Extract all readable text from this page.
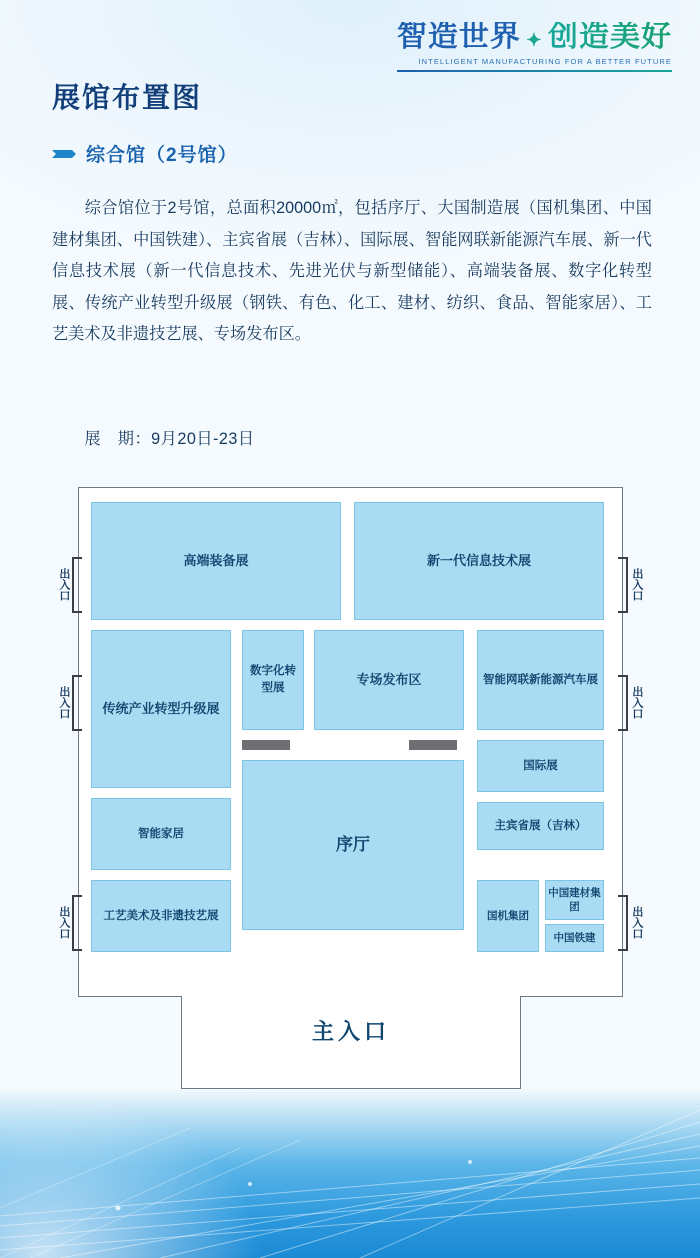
智造世界 ✦ 创造美好
INTELLIGENT MANUFACTURING FOR A BETTER FUTURE
展馆布置图
综合馆（2号馆）
综合馆位于2号馆，总面积20000㎡，包括序厅、大国制造展（国机集团、中国建材集团、中国铁建）、主宾省展（吉林）、国际展、智能网联新能源汽车展、新一代信息技术展（新一代信息技术、先进光伏与新型储能）、高端装备展、数字化转型展、传统产业转型升级展（钢铁、有色、化工、建材、纺织、食品、智能家居）、工艺美术及非遗技艺展、专场发布区。
展　期：9月20日-23日
高端装备展	新一代信息技术展
传统产业转型升级展
数字化转型展
专场发布区	智能网联新能源汽车展
国际展
智能家居
序厅
主宾省展（吉林）
工艺美术及非遗技艺展	国机集团
中国建材集团
中国铁建
出入口
出入口
出入口
出入口
出入口
出入口
主入口
